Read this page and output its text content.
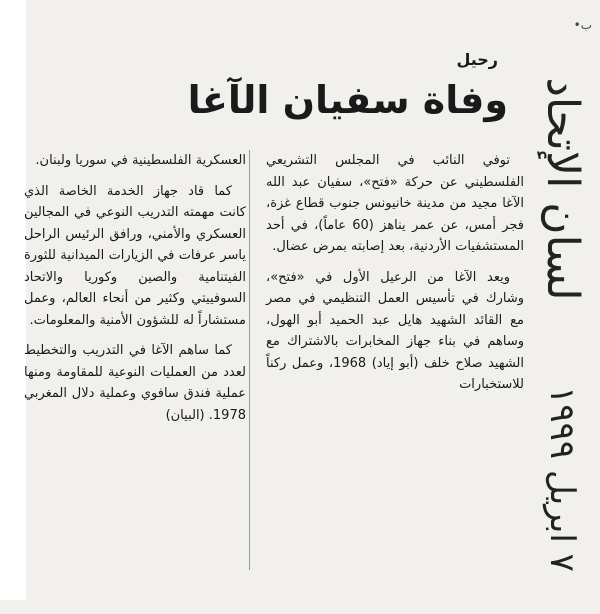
•ب
لسان الإتحاد
٧ ابريل ١٩٩٩
رحيل
وفاة سفيان الآغا

توفي النائب في المجلس التشريعي الفلسطيني عن حركة «فتح»، سفيان عبد الله الآغا مجيد من مدينة خانيونس جنوب قطاع غزة، فجر أمس، عن عمر يناهز (60 عاماً)، في أحد المستشفيات الأردنية، بعد إصابته بمرض عضال.

ويعد الآغا من الرعيل الأول في «فتح»، وشارك في تأسيس العمل التنظيمي في مصر مع القائد الشهيد هايل عبد الحميد أبو الهول، وساهم في بناء جهاز المخابرات بالاشتراك مع الشهيد صلاح خلف (أبو إياد) 1968، وعمل ركناً للاستخبارات

العسكرية الفلسطينية في سوريا ولبنان.

كما قاد جهاز الخدمة الخاصة الذي كانت مهمته التدريب النوعي في المجالين العسكري والأمني، ورافق الرئيس الراحل ياسر عرفات في الزيارات الميدانية للثورة الفيتنامية والصين وكوريا والاتحاد السوفييتي وكثير من أنحاء العالم، وعمل مستشاراً له للشؤون الأمنية والمعلومات.

كما ساهم الآغا في التدريب والتخطيط لعدد من العمليات النوعية للمقاومة ومنها عملية فندق سافوي وعملية دلال المغربي 1978. (البيان)
